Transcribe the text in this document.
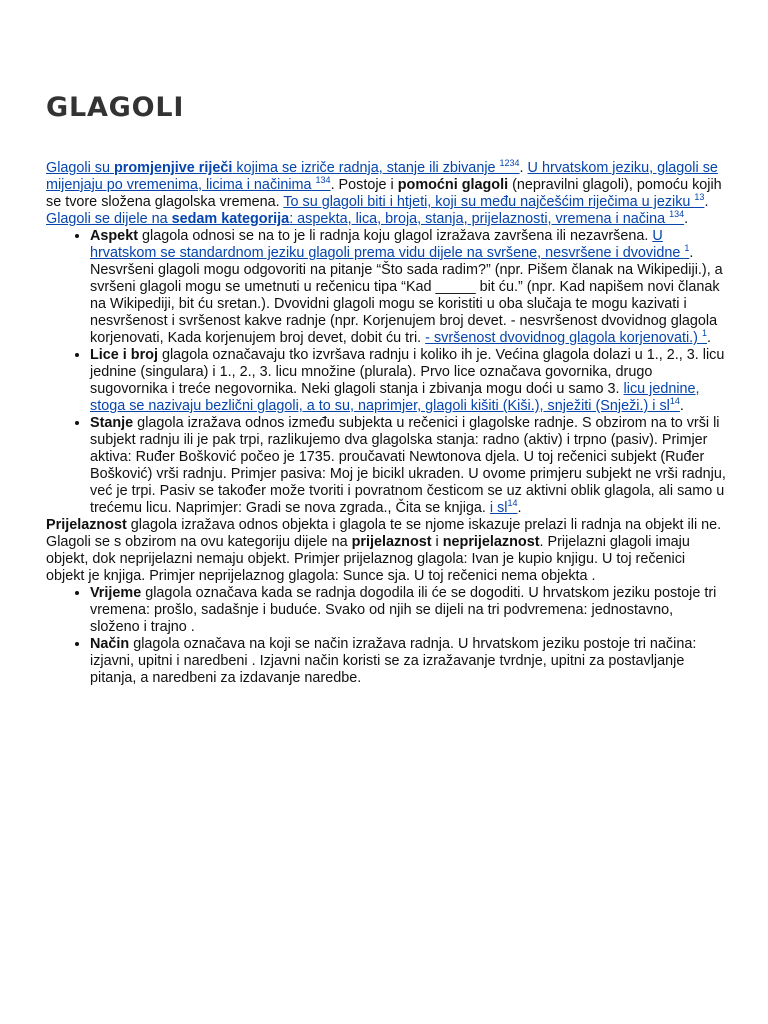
GLAGOLI

Glagoli su promjenjive riječi kojima se izriče radnja, stanje ili zbivanje $^{1234}$. U hrvatskom jeziku, glagoli se mijenjaju po vremenima, licima i načinima $^{134}$. Postoje i pomoćni glagoli (nepravilni glagoli), pomoću kojih se tvore složena glagolska vremena. To su glagoli biti i htjeti, koji su među najčešćim riječima u jeziku $^{13}$.

Glagoli se dijele na sedam kategorija: aspekta, lica, broja, stanja, prijelaznosti, vremena i načina $^{134}$.

• Aspekt glagola odnosi se na to je li radnja koju glagol izražava završena ili nezavršena. U hrvatskom se standardnom jeziku glagoli prema vidu dijele na svršene, nesvršene i dvovidne $^1$. Nesvršeni glagoli mogu odgovoriti na pitanje “Što sada radim?” (npr. Pišem članak na Wikipediji.), a svršeni glagoli mogu se umetnuti u rečenicu tipa “Kad _____ bit ću.” (npr. Kad napišem novi članak na Wikipediji, bit ću sretan.). Dvovidni glagoli mogu se koristiti u oba slučaja te mogu kazivati i nesvršenost i svršenost kakve radnje (npr. Korjenujem broj devet. - nesvršenost dvovidnog glagola korjenovati, Kada korjenujem broj devet, dobit ću tri. - svršenost dvovidnog glagola korjenovati.) $^1$.
• Lice i broj glagola označavaju tko izvršava radnju i koliko ih je. Većina glagola dolazi u 1., 2., 3. licu jednine (singulara) i 1., 2., 3. licu množine (plurala). Prvo lice označava govornika, drugo sugovornika i treće negovornika. Neki glagoli stanja i zbivanja mogu doći u samo 3. licu jednine, stoga se nazivaju bezlični glagoli, a to su, naprimjer, glagoli kišiti (Kiši.), snježiti (Snježi.) i sl$^{14}$.
• Stanje glagola izražava odnos između subjekta u rečenici i glagolske radnje. S obzirom na to vrši li subjekt radnju ili je pak trpi, razlikujemo dva glagolska stanja: radno (aktiv) i trpno (pasiv). Primjer aktiva: Ruđer Bošković počeo je 1735. proučavati Newtonova djela. U toj rečenici subjekt (Ruđer Bošković) vrši radnju. Primjer pasiva: Moj je bicikl ukraden. U ovome primjeru subjekt ne vrši radnju, već je trpi. Pasiv se također može tvoriti i povratnom česticom se uz aktivni oblik glagola, ali samo u trećemu licu. Naprimjer: Gradi se nova zgrada., Čita se knjiga. i sl$^{14}$.

Prijelaznost glagola izražava odnos objekta i glagola te se njome iskazuje prelazi li radnja na objekt ili ne. Glagoli se s obzirom na ovu kategoriju dijele na prijelaznost i neprijelaznost. Prijelazni glagoli imaju objekt, dok neprijelazni nemaju objekt. Primjer prijelaznog glagola: Ivan je kupio knjigu. U toj rečenici objekt je knjiga. Primjer neprijelaznog glagola: Sunce sja. U toj rečenici nema objekta .

• Vrijeme glagola označava kada se radnja dogodila ili će se dogoditi. U hrvatskom jeziku postoje tri vremena: prošlo, sadašnje i buduće. Svako od njih se dijeli na tri podvremena: jednostavno, složeno i trajno .
• Način glagola označava na koji se način izražava radnja. U hrvatskom jeziku postoje tri načina: izjavni, upitni i naredbeni . Izjavni način koristi se za izražavanje tvrdnje, upitni za postavljanje pitanja, a naredbeni za izdavanje naredbe.
